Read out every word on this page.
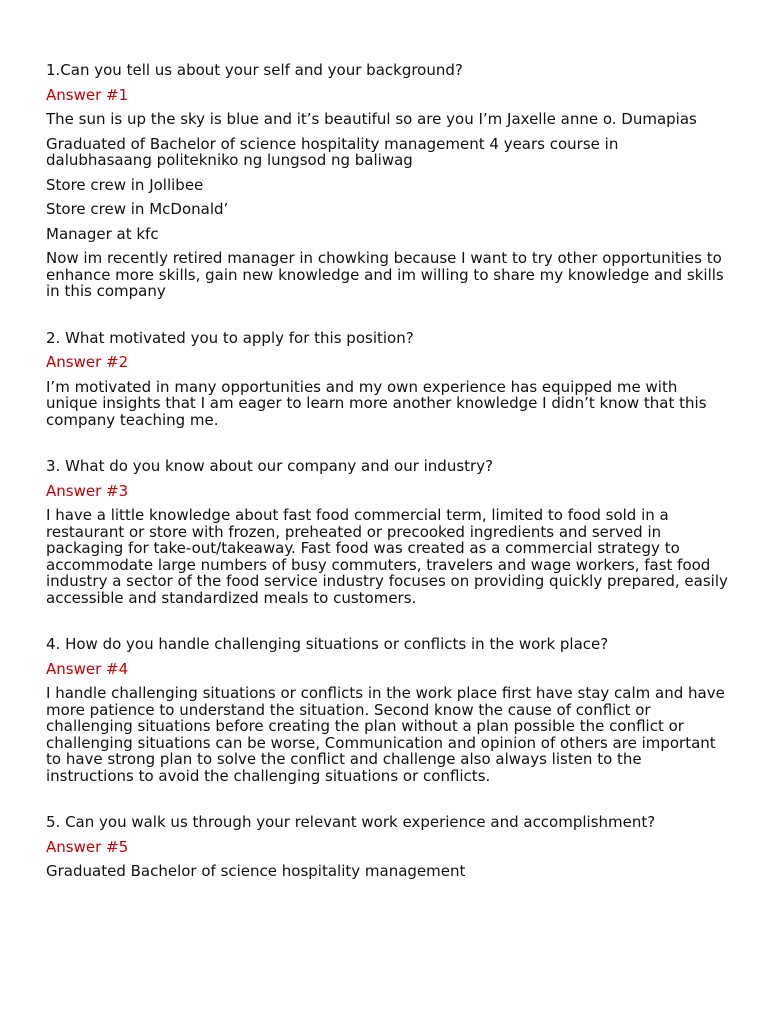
1.Can you tell us about your self and your background?

Answer #1

The sun is up the sky is blue and it’s beautiful so are you I’m Jaxelle anne o. Dumapias

Graduated of Bachelor of science hospitality management 4 years course in dalubhasaang politekniko ng lungsod ng baliwag

Store crew in Jollibee

Store crew in McDonald’

Manager at kfc

Now im recently retired manager in chowking because I want to try other opportunities to enhance more skills, gain new knowledge and im willing to share my knowledge and skills in this company

2. What motivated you to apply for this position?

Answer #2

I’m motivated in many opportunities and my own experience has equipped me with unique insights that I am eager to learn more another knowledge I didn’t know that this company teaching me.

3. What do you know about our company and our industry?

Answer #3

I have a little knowledge about fast food commercial term, limited to food sold in a restaurant or store with frozen, preheated or precooked ingredients and served in packaging for take-out/takeaway. Fast food was created as a commercial strategy to accommodate large numbers of busy commuters, travelers and wage workers, fast food industry a sector of the food service industry focuses on providing quickly prepared, easily accessible and standardized meals to customers.

4. How do you handle challenging situations or conflicts in the work place?

Answer #4

I handle challenging situations or conflicts in the work place first have stay calm and have more patience to understand the situation. Second know the cause of conflict or challenging situations before creating the plan without a plan possible the conflict or challenging situations can be worse, Communication and opinion of others are important to have strong plan to solve the conflict and challenge also always listen to the instructions to avoid the challenging situations or conflicts.

5. Can you walk us through your relevant work experience and accomplishment?

Answer #5

Graduated Bachelor of science hospitality management
